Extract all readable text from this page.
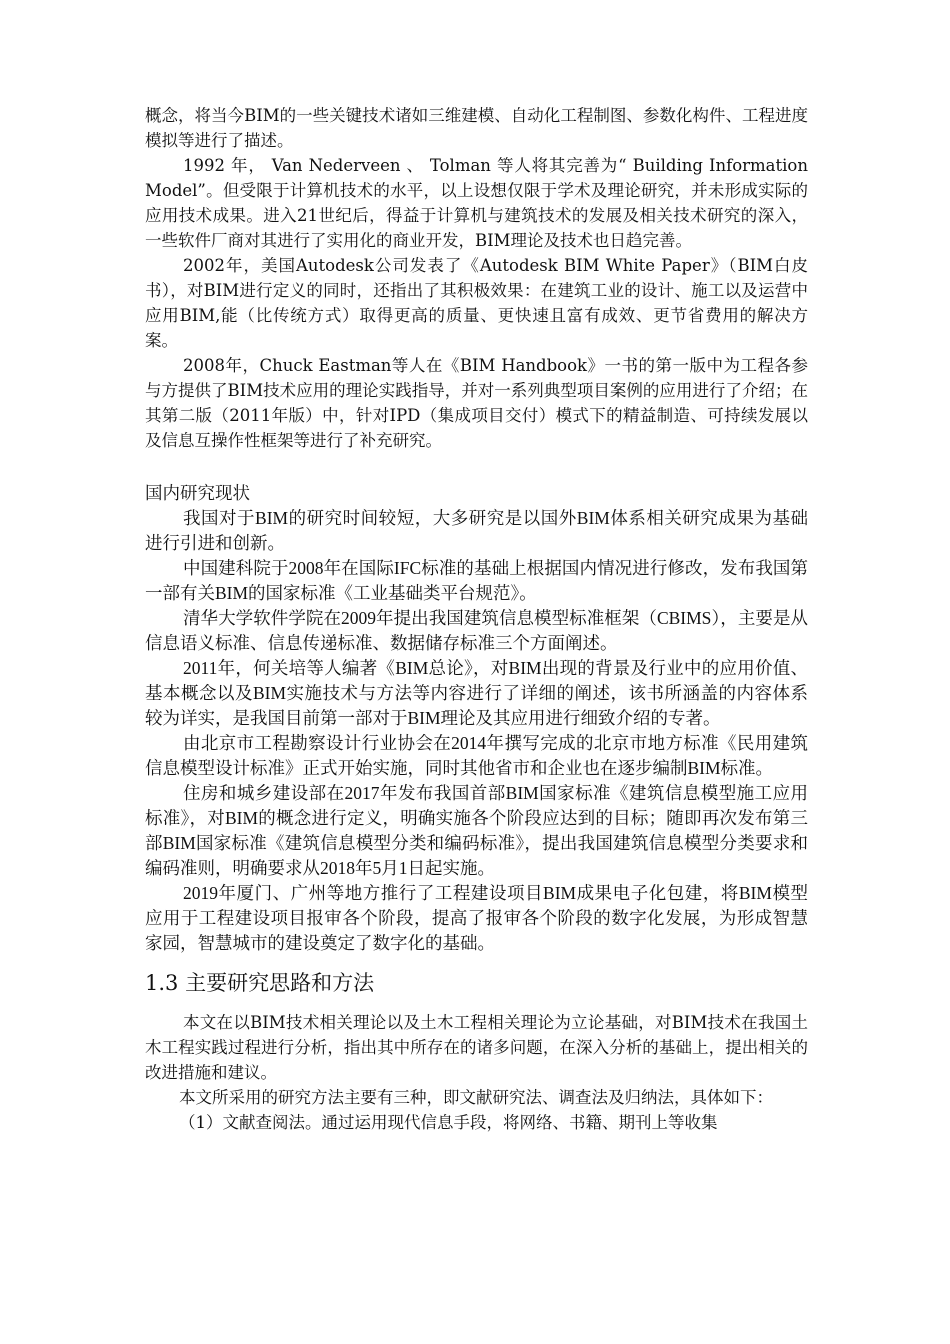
概念，将当今BIM的一些关键技术诸如三维建模、自动化工程制图、参数化构件、工程进度模拟等进行了描述。

1992 年， Van Nederveen 、 Tolman 等人将其完善为“ Building Information Model”。但受限于计算机技术的水平，以上设想仅限于学术及理论研究，并未形成实际的应用技术成果。进入21世纪后，得益于计算机与建筑技术的发展及相关技术研究的深入，一些软件厂商对其进行了实用化的商业开发，BIM理论及技术也日趋完善。

2002年，美国Autodesk公司发表了《Autodesk BIM White Paper》（BIM白皮书），对BIM进行定义的同时，还指出了其积极效果：在建筑工业的设计、施工以及运营中应用BIM,能（比传统方式）取得更高的质量、更快速且富有成效、更节省费用的解决方案。

2008年，Chuck Eastman等人在《BIM Handbook》一书的第一版中为工程各参与方提供了BIM技术应用的理论实践指导，并对一系列典型项目案例的应用进行了介绍；在其第二版（2011年版）中，针对IPD（集成项目交付）模式下的精益制造、可持续发展以及信息互操作性框架等进行了补充研究。

国内研究现状

我国对于BIM的研究时间较短，大多研究是以国外BIM体系相关研究成果为基础进行引进和创新。

中国建科院于2008年在国际IFC标准的基础上根据国内情况进行修改，发布我国第一部有关BIM的国家标准《工业基础类平台规范》。

清华大学软件学院在2009年提出我国建筑信息模型标准框架（CBIMS），主要是从信息语义标准、信息传递标准、数据储存标准三个方面阐述。

2011年，何关培等人编著《BIM总论》，对BIM出现的背景及行业中的应用价值、基本概念以及BIM实施技术与方法等内容进行了详细的阐述，该书所涵盖的内容体系较为详实，是我国目前第一部对于BIM理论及其应用进行细致介绍的专著。

由北京市工程勘察设计行业协会在2014年撰写完成的北京市地方标准《民用建筑信息模型设计标准》正式开始实施，同时其他省市和企业也在逐步编制BIM标准。

住房和城乡建设部在2017年发布我国首部BIM国家标准《建筑信息模型施工应用标准》，对BIM的概念进行定义，明确实施各个阶段应达到的目标；随即再次发布第三部BIM国家标准《建筑信息模型分类和编码标准》，提出我国建筑信息模型分类要求和编码准则，明确要求从2018年5月1日起实施。

2019年厦门、广州等地方推行了工程建设项目BIM成果电子化包建，将BIM模型应用于工程建设项目报审各个阶段，提高了报审各个阶段的数字化发展，为形成智慧家园，智慧城市的建设奠定了数字化的基础。

1.3 主要研究思路和方法

本文在以BIM技术相关理论以及土木工程相关理论为立论基础，对BIM技术在我国土木工程实践过程进行分析，指出其中所存在的诸多问题，在深入分析的基础上，提出相关的改进措施和建议。

本文所采用的研究方法主要有三种，即文献研究法、调查法及归纳法，具体如下：

（1）文献查阅法。通过运用现代信息手段，将网络、书籍、期刊上等收集
